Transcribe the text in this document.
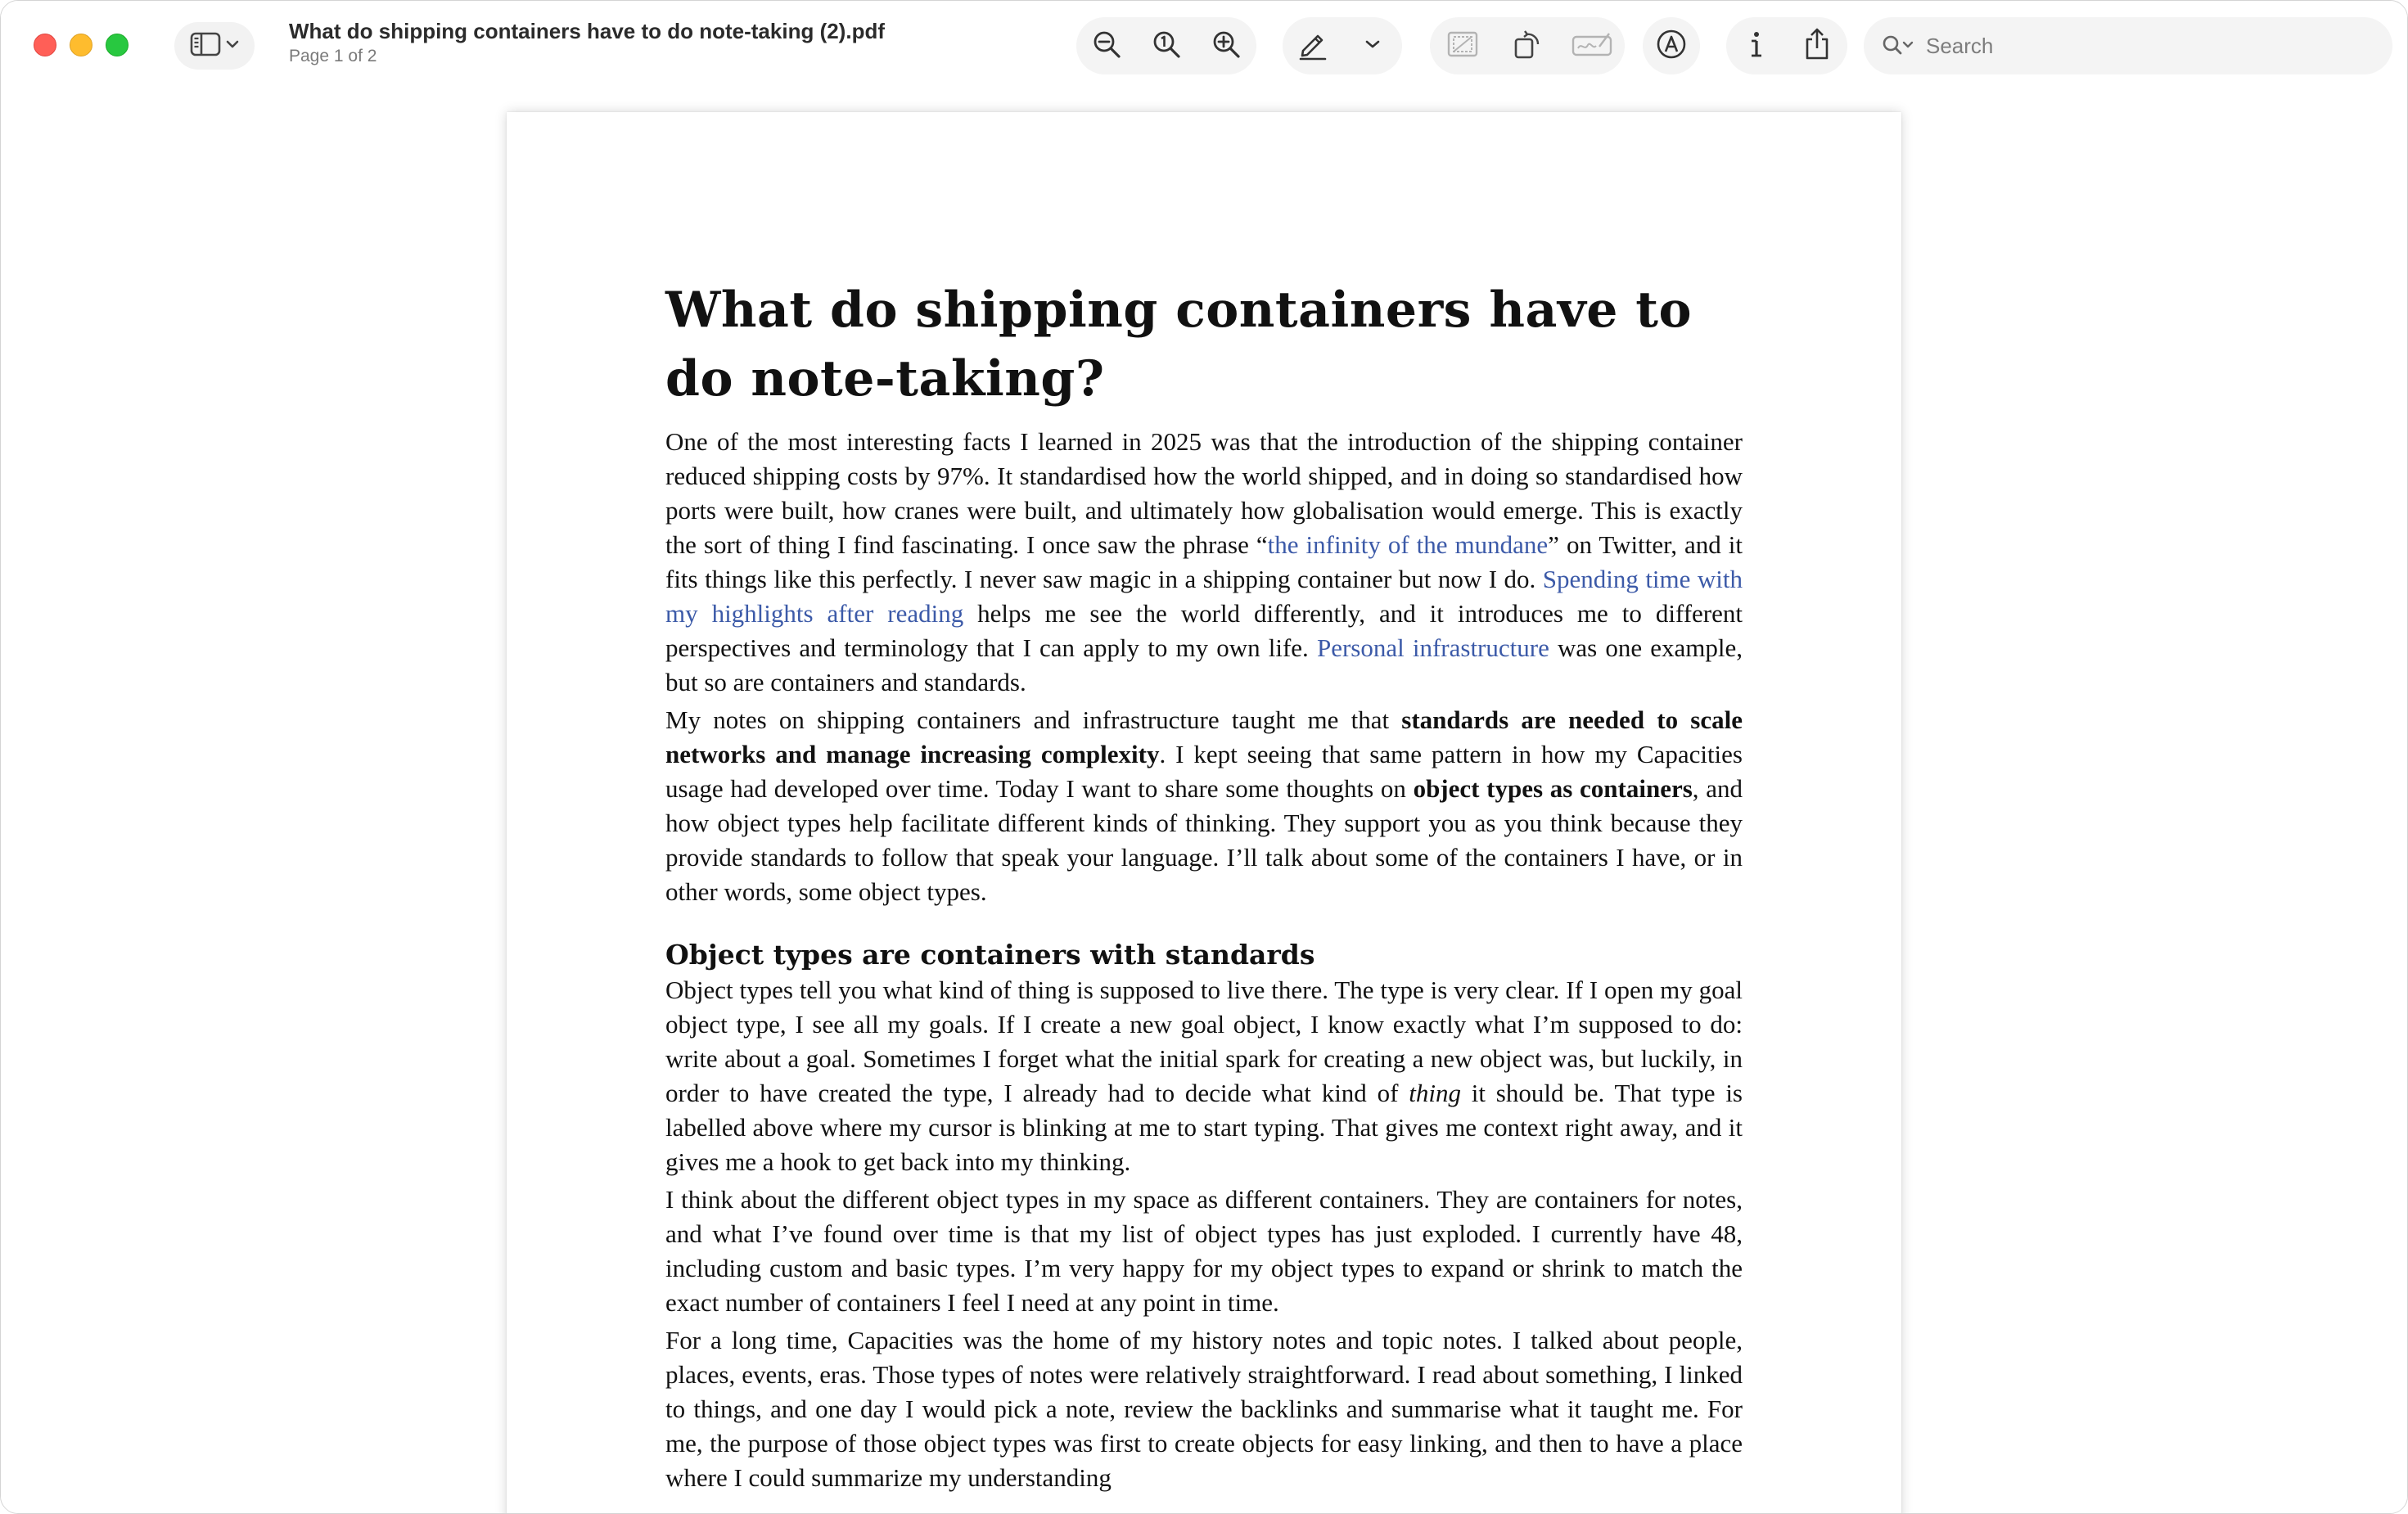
What do shipping containers have to do note-taking (2).pdf
Page 1 of 2
Search
What do shipping containers have to do note-taking?

One of the most interesting facts I learned in 2025 was that the introduction of the shipping container reduced shipping costs by 97%. It standardised how the world shipped, and in doing so standardised how ports were built, how cranes were built, and ultimately how globalisation would emerge. This is exactly the sort of thing I find fascinating. I once saw the phrase “the infinity of the mundane” on Twitter, and it fits things like this perfectly. I never saw magic in a shipping container but now I do. Spending time with my highlights after reading helps me see the world differently, and it introduces me to different perspectives and terminology that I can apply to my own life. Personal infrastructure was one example, but so are containers and standards.

My notes on shipping containers and infrastructure taught me that standards are needed to scale networks and manage increasing complexity. I kept seeing that same pattern in how my Capacities usage had developed over time. Today I want to share some thoughts on object types as containers, and how object types help facilitate different kinds of thinking. They support you as you think because they provide standards to follow that speak your language. I’ll talk about some of the containers I have, or in other words, some object types.

Object types are containers with standards

Object types tell you what kind of thing is supposed to live there. The type is very clear. If I open my goal object type, I see all my goals. If I create a new goal object, I know exactly what I’m supposed to do: write about a goal. Sometimes I forget what the initial spark for creating a new object was, but luckily, in order to have created the type, I already had to decide what kind of thing it should be. That type is labelled above where my cursor is blinking at me to start typing. That gives me context right away, and it gives me a hook to get back into my thinking.

I think about the different object types in my space as different containers. They are containers for notes, and what I’ve found over time is that my list of object types has just exploded. I currently have 48, including custom and basic types. I’m very happy for my object types to expand or shrink to match the exact number of containers I feel I need at any point in time.

For a long time, Capacities was the home of my history notes and topic notes. I talked about people, places, events, eras. Those types of notes were relatively straightforward. I read about something, I linked to things, and one day I would pick a note, review the backlinks and summarise what it taught me. For me, the purpose of those object types was first to create objects for easy linking, and then to have a place where I could summarize my understanding
